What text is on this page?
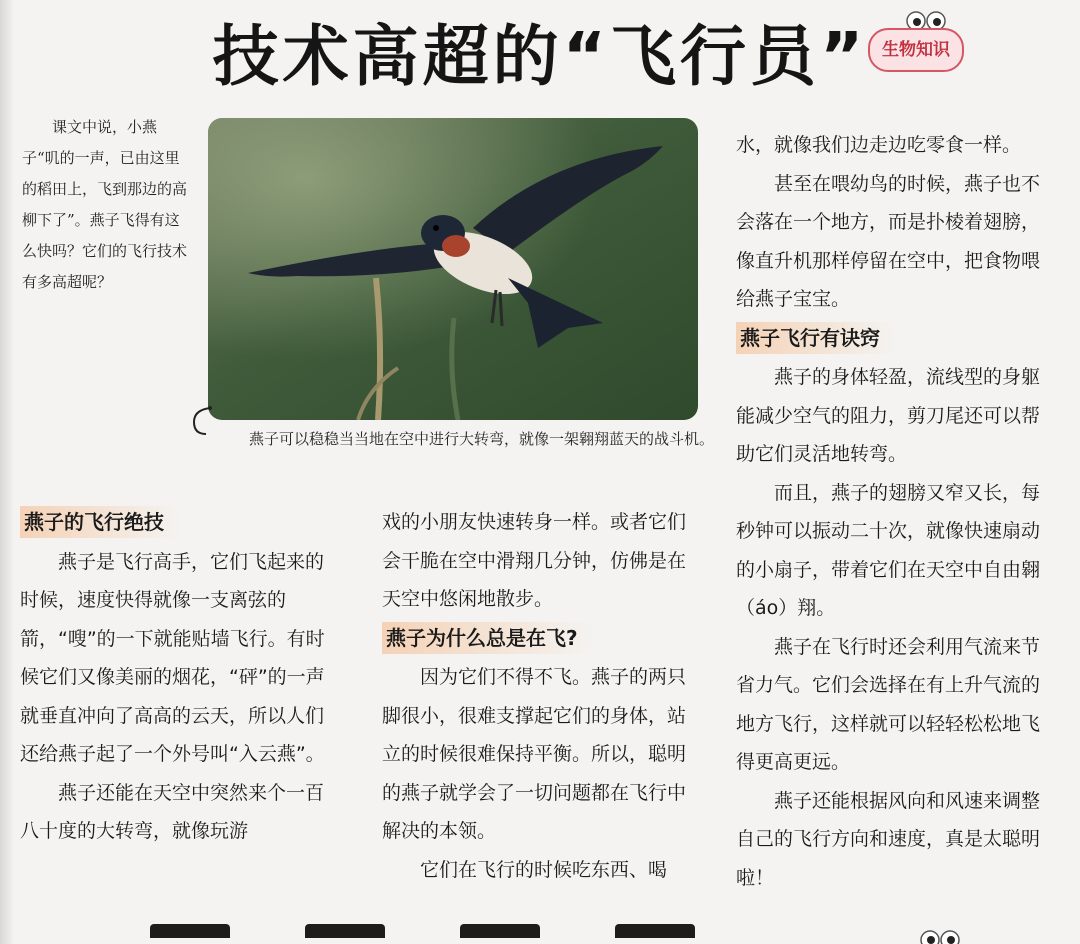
技术高超的“飞行员” 生物知识

课文中说，小燕子“叽的一声，已由这里的稻田上，飞到那边的高柳下了”。燕子飞得有这么快吗？它们的飞行技术有多高超呢？

燕子可以稳稳当当地在空中进行大转弯，就像一架翱翔蓝天的战斗机。

燕子的飞行绝技

燕子是飞行高手，它们飞起来的时候，速度快得就像一支离弦的箭，“嗖”的一下就能贴墙飞行。有时候它们又像美丽的烟花，“砰”的一声就垂直冲向了高高的云天，所以人们还给燕子起了一个外号叫“入云燕”。

燕子还能在天空中突然来个一百八十度的大转弯，就像玩游

戏的小朋友快速转身一样。或者它们会干脆在空中滑翔几分钟，仿佛是在天空中悠闲地散步。

燕子为什么总是在飞?

因为它们不得不飞。燕子的两只脚很小，很难支撑起它们的身体，站立的时候很难保持平衡。所以，聪明的燕子就学会了一切问题都在飞行中解决的本领。

它们在飞行的时候吃东西、喝

水，就像我们边走边吃零食一样。

甚至在喂幼鸟的时候，燕子也不会落在一个地方，而是扑棱着翅膀，像直升机那样停留在空中，把食物喂给燕子宝宝。

燕子飞行有诀窍

燕子的身体轻盈，流线型的身躯能减少空气的阻力，剪刀尾还可以帮助它们灵活地转弯。

而且，燕子的翅膀又窄又长，每秒钟可以振动二十次，就像快速扇动的小扇子，带着它们在天空中自由翱（áo）翔。

燕子在飞行时还会利用气流来节省力气。它们会选择在有上升气流的地方飞行，这样就可以轻轻松松地飞得更高更远。

燕子还能根据风向和风速来调整自己的飞行方向和速度，真是太聪明啦！
